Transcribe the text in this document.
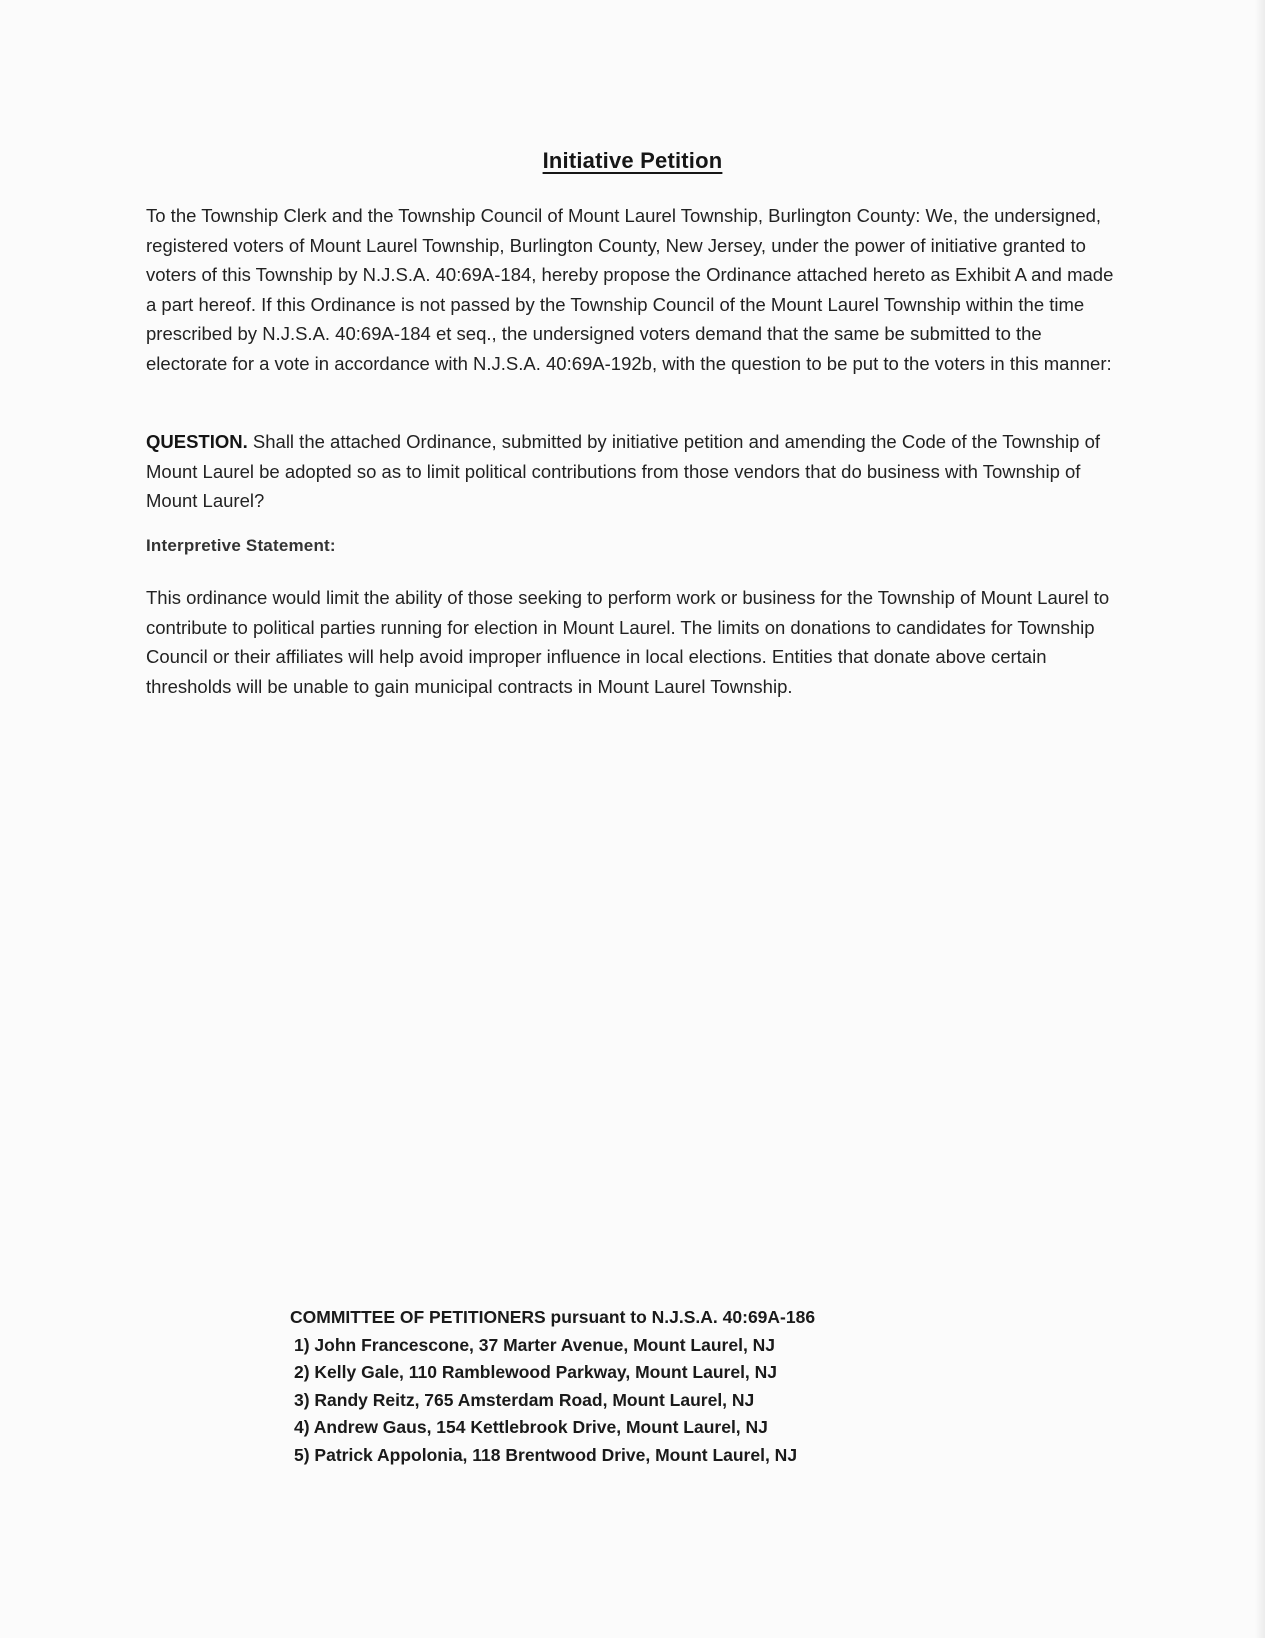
Initiative Petition

To the Township Clerk and the Township Council of Mount Laurel Township, Burlington County: We, the undersigned, registered voters of Mount Laurel Township, Burlington County, New Jersey, under the power of initiative granted to voters of this Township by N.J.S.A. 40:69A-184, hereby propose the Ordinance attached hereto as Exhibit A and made a part hereof. If this Ordinance is not passed by the Township Council of the Mount Laurel Township within the time prescribed by N.J.S.A. 40:69A-184 et seq., the undersigned voters demand that the same be submitted to the electorate for a vote in accordance with N.J.S.A. 40:69A-192b, with the question to be put to the voters in this manner:

QUESTION. Shall the attached Ordinance, submitted by initiative petition and amending the Code of the Township of Mount Laurel be adopted so as to limit political contributions from those vendors that do business with Township of Mount Laurel?

Interpretive Statement:

This ordinance would limit the ability of those seeking to perform work or business for the Township of Mount Laurel to contribute to political parties running for election in Mount Laurel. The limits on donations to candidates for Township Council or their affiliates will help avoid improper influence in local elections. Entities that donate above certain thresholds will be unable to gain municipal contracts in Mount Laurel Township.

COMMITTEE OF PETITIONERS pursuant to N.J.S.A. 40:69A-186
1) John Francescone, 37 Marter Avenue, Mount Laurel, NJ
2) Kelly Gale, 110 Ramblewood Parkway, Mount Laurel, NJ
3) Randy Reitz, 765 Amsterdam Road, Mount Laurel, NJ
4) Andrew Gaus, 154 Kettlebrook Drive, Mount Laurel, NJ
5) Patrick Appolonia, 118 Brentwood Drive, Mount Laurel, NJ
